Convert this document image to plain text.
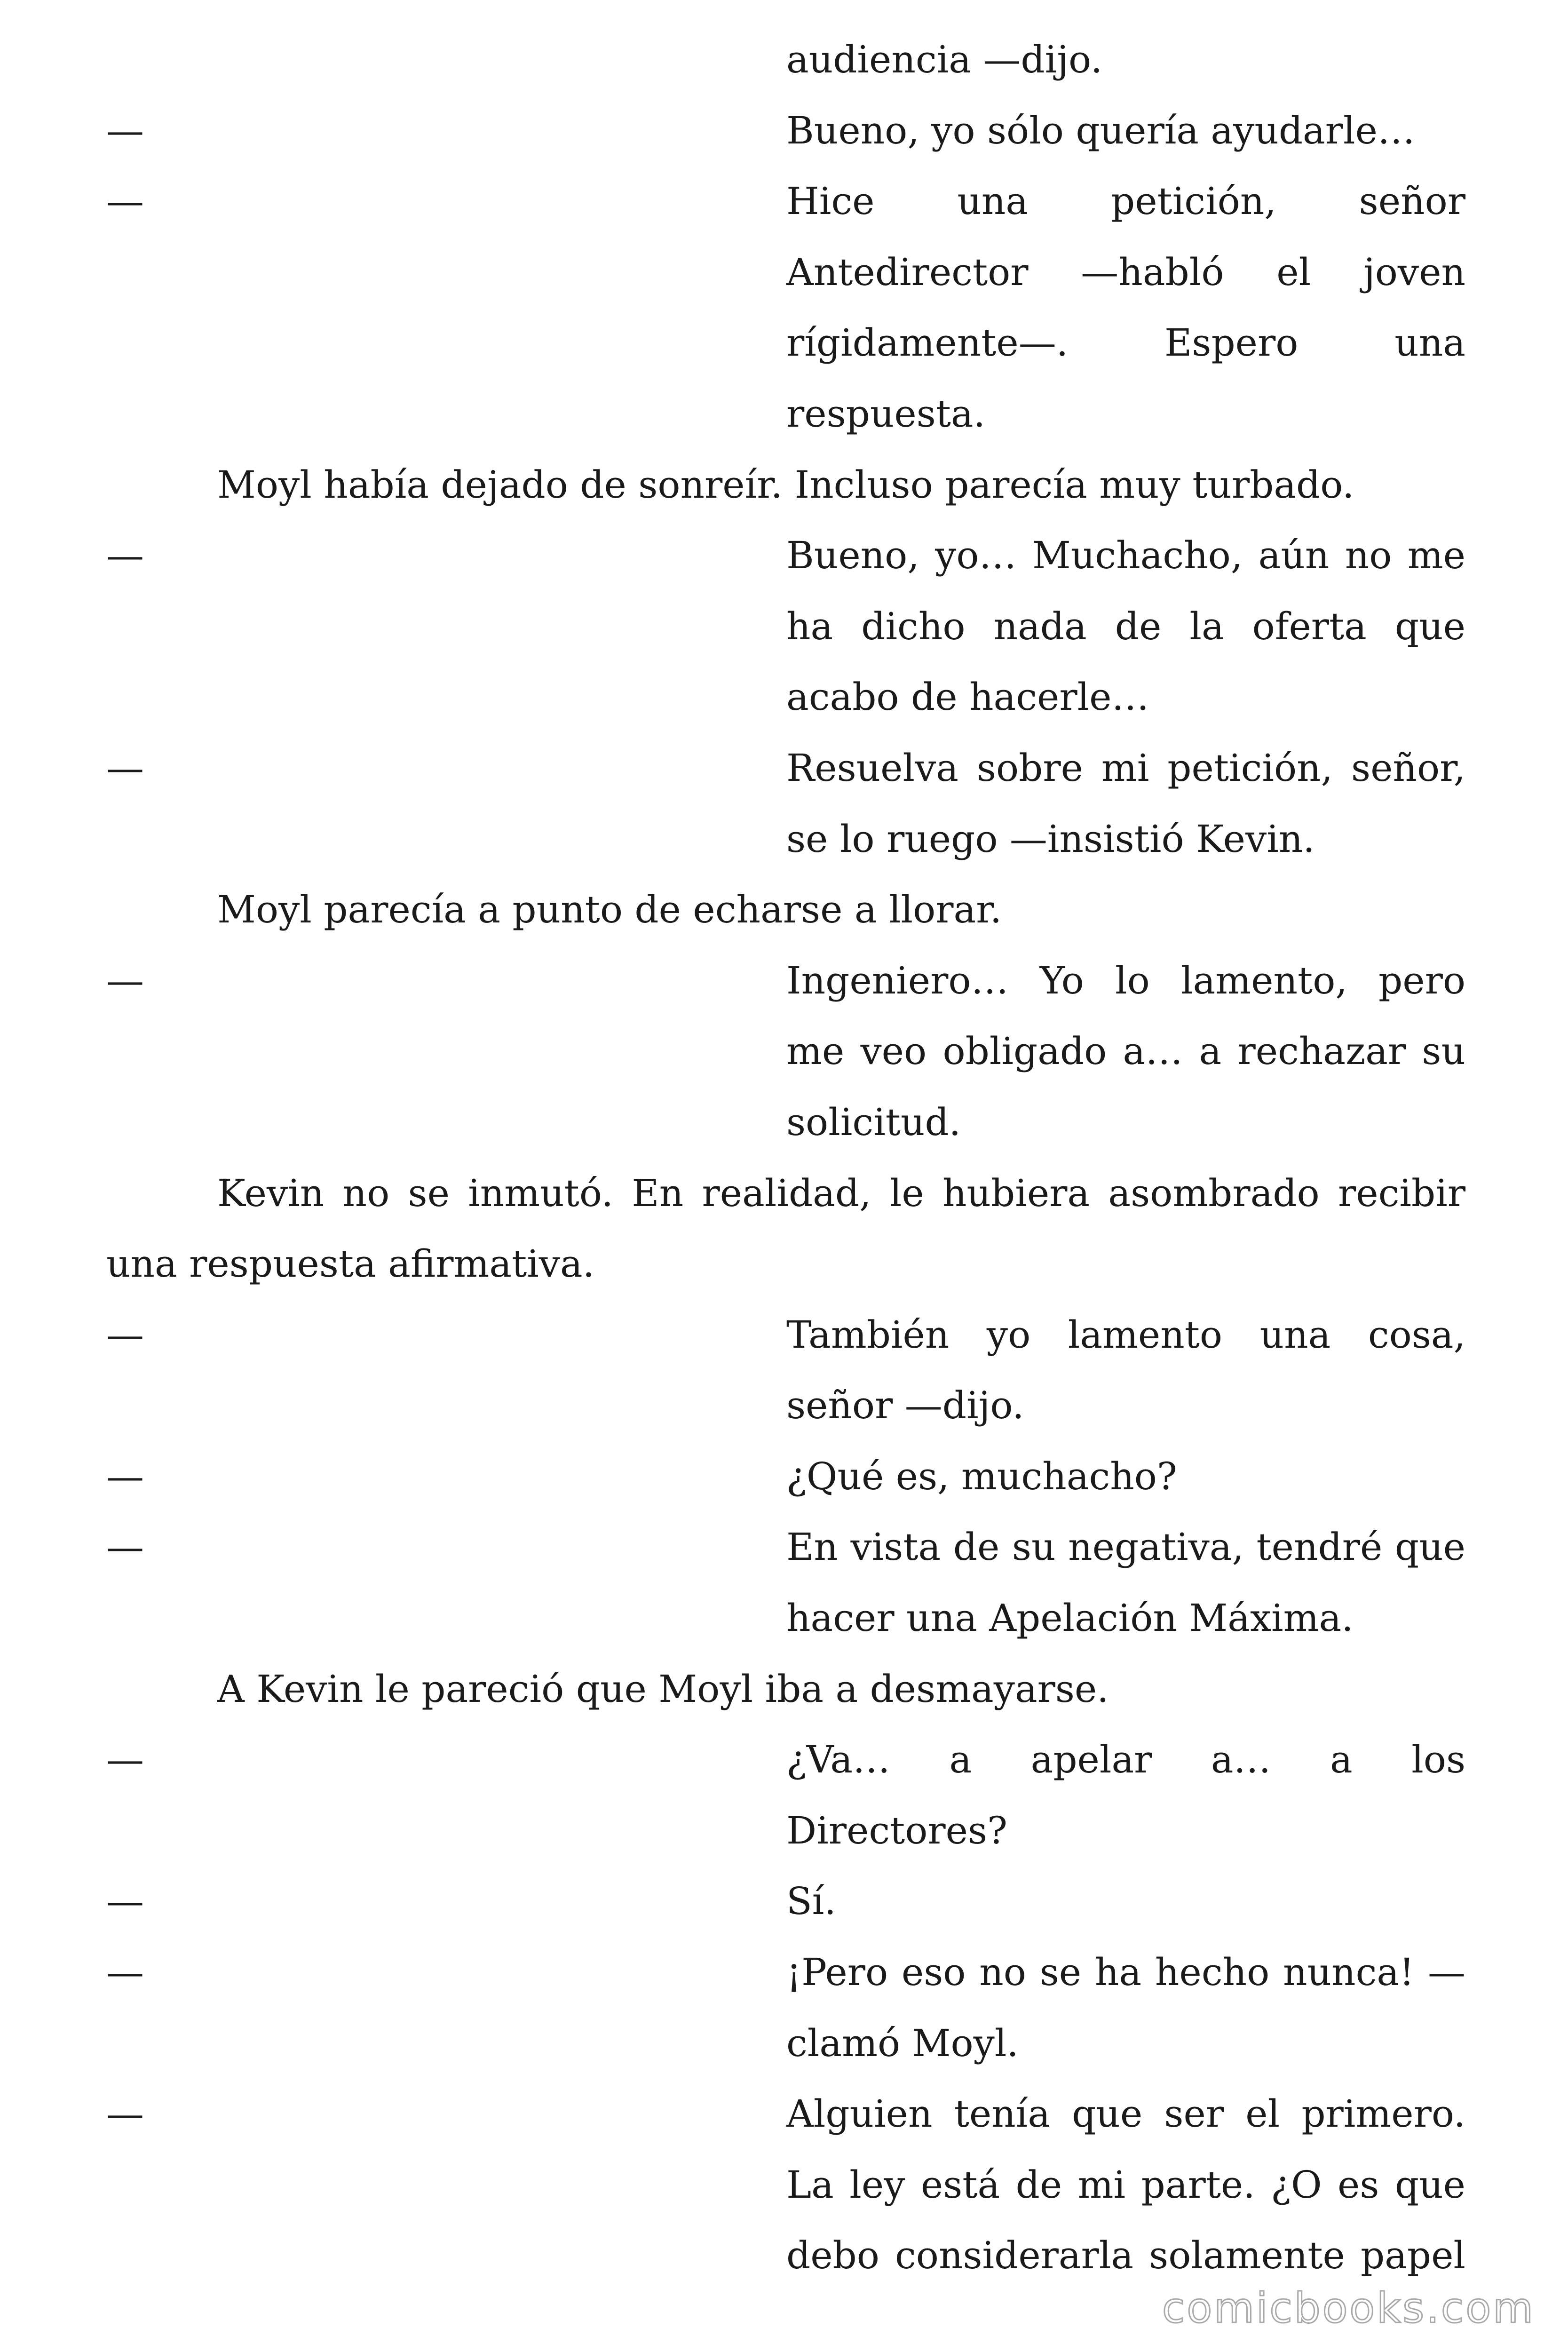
audiencia —dijo.
—	Bueno, yo sólo quería ayudarle…
—	Hice una petición, señor
Antedirector —habló el joven
rígidamente—. Espero una
respuesta.
Moyl había dejado de sonreír. Incluso parecía muy turbado.
—	Bueno, yo… Muchacho, aún no me
ha dicho nada de la oferta que
acabo de hacerle…
—	Resuelva sobre mi petición, señor,
se lo ruego —insistió Kevin.
Moyl parecía a punto de echarse a llorar.
—	Ingeniero… Yo lo lamento, pero
me veo obligado a… a rechazar su
solicitud.
Kevin no se inmutó. En realidad, le hubiera asombrado recibir
una respuesta afirmativa.
—	También yo lamento una cosa,
señor —dijo.
—	¿Qué es, muchacho?
—	En vista de su negativa, tendré que
hacer una Apelación Máxima.
A Kevin le pareció que Moyl iba a desmayarse.
—	¿Va… a apelar a… a los
Directores?
—	Sí.
—	¡Pero eso no se ha hecho nunca! —
clamó Moyl.
—	Alguien tenía que ser el primero.
La ley está de mi parte. ¿O es que
debo considerarla solamente papel
comicbooks.com
